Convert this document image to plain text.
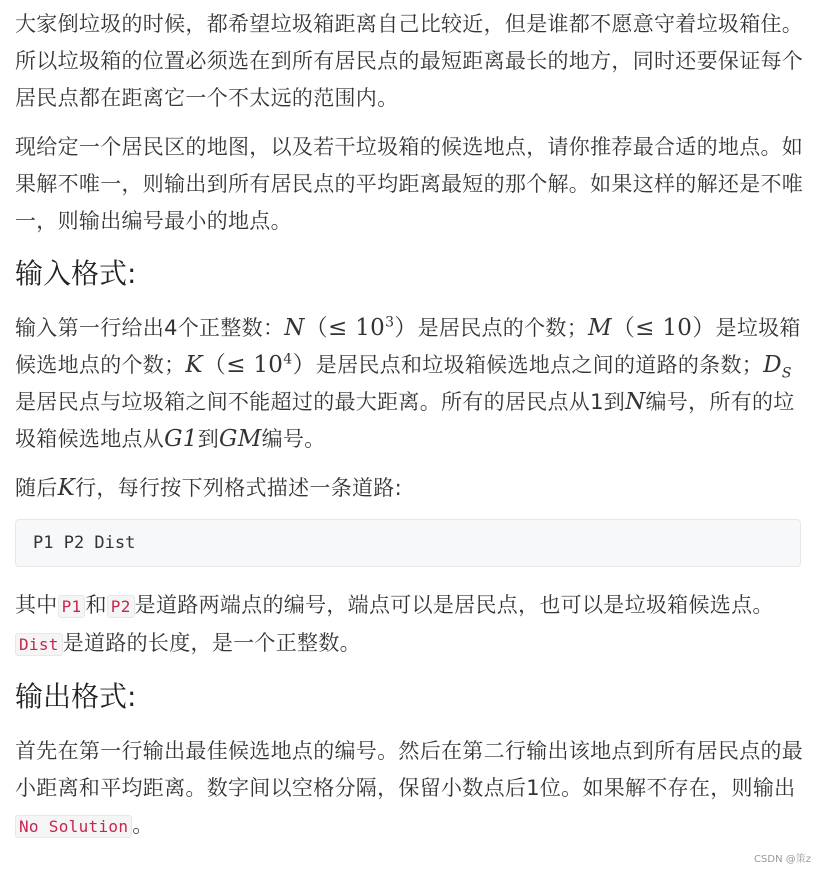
大家倒垃圾的时候，都希望垃圾箱距离自己比较近，但是谁都不愿意守着垃圾箱住。所以垃圾箱的位置必须选在到所有居民点的最短距离最长的地方，同时还要保证每个居民点都在距离它一个不太远的范围内。

现给定一个居民区的地图，以及若干垃圾箱的候选地点，请你推荐最合适的地点。如果解不唯一，则输出到所有居民点的平均距离最短的那个解。如果这样的解还是不唯一，则输出编号最小的地点。

输入格式:

输入第一行给出4个正整数：$N(\le 10^3)$是居民点的个数；M（≤ 10）是垃圾箱候选地点的个数；$K(\le 10^4)$是居民点和垃圾箱候选地点之间的道路的条数；$D_S$是居民点与垃圾箱之间不能超过的最大距离。所有的居民点从1到N编号，所有的垃圾箱候选地点从G1到GM编号。

随后K行，每行按下列格式描述一条道路:

P1 P2 Dist

其中 P1 和 P2 是道路两端点的编号，端点可以是居民点，也可以是垃圾箱候选点。Dist 是道路的长度，是一个正整数。

输出格式:

首先在第一行输出最佳候选地点的编号。然后在第二行输出该地点到所有居民点的最小距离和平均距离。数字间以空格分隔，保留小数点后1位。如果解不存在，则输出No Solution 。

CSDN @策z
